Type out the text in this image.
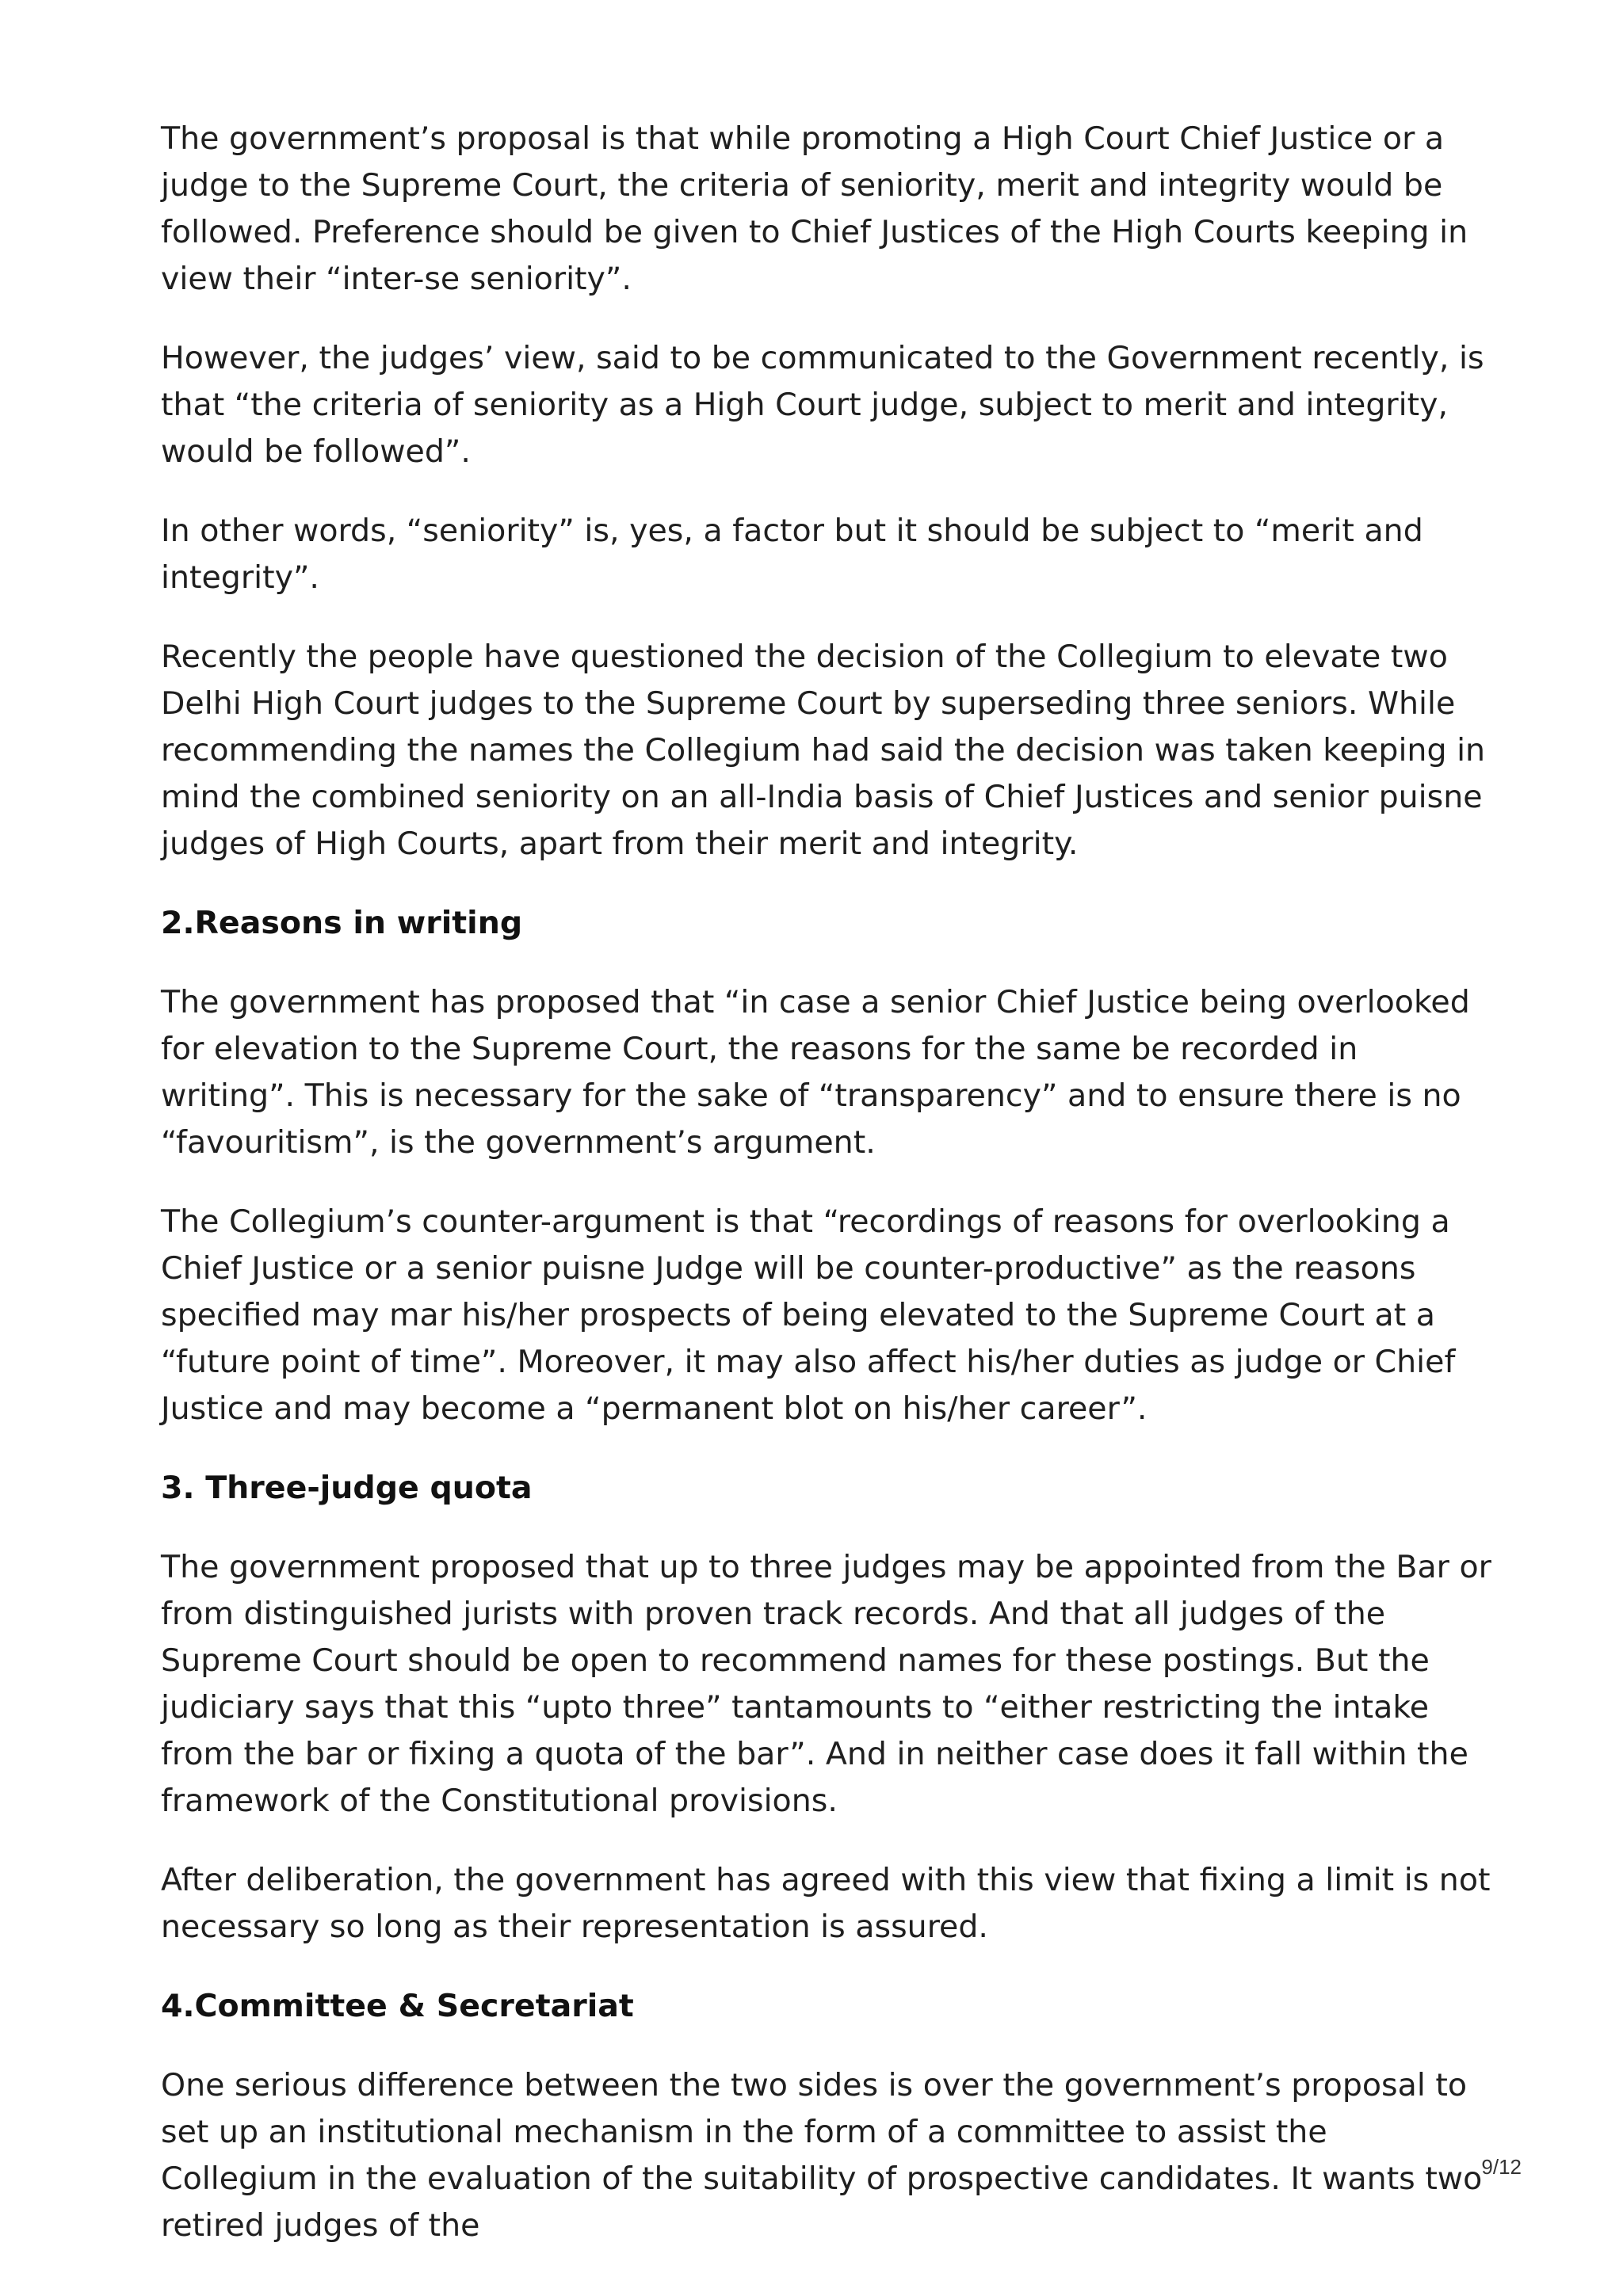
The government’s proposal is that while promoting a High Court Chief Justice or a judge to the Supreme Court, the criteria of seniority, merit and integrity would be followed. Preference should be given to Chief Justices of the High Courts keeping in view their “inter-se seniority”.

However, the judges’ view, said to be communicated to the Government recently, is that “the criteria of seniority as a High Court judge, subject to merit and integrity, would be followed”.

In other words, “seniority” is, yes, a factor but it should be subject to “merit and integrity”.

Recently the people have questioned the decision of the Collegium to elevate two Delhi High Court judges to the Supreme Court by superseding three seniors. While recommending the names the Collegium had said the decision was taken keeping in mind the combined seniority on an all-India basis of Chief Justices and senior puisne judges of High Courts, apart from their merit and integrity.

2.Reasons in writing

The government has proposed that “in case a senior Chief Justice being overlooked for elevation to the Supreme Court, the reasons for the same be recorded in writing”. This is necessary for the sake of “transparency” and to ensure there is no “favouritism”, is the government’s argument.

The Collegium’s counter-argument is that “recordings of reasons for overlooking a Chief Justice or a senior puisne Judge will be counter-productive” as the reasons specified may mar his/her prospects of being elevated to the Supreme Court at a “future point of time”. Moreover, it may also affect his/her duties as judge or Chief Justice and may become a “permanent blot on his/her career”.

3. Three-judge quota

The government proposed that up to three judges may be appointed from the Bar or from distinguished jurists with proven track records. And that all judges of the Supreme Court should be open to recommend names for these postings. But the judiciary says that this “upto three” tantamounts to “either restricting the intake from the bar or fixing a quota of the bar”. And in neither case does it fall within the framework of the Constitutional provisions.

After deliberation, the government has agreed with this view that fixing a limit is not necessary so long as their representation is assured.

4.Committee & Secretariat

One serious difference between the two sides is over the government’s proposal to set up an institutional mechanism in the form of a committee to assist the Collegium in the evaluation of the suitability of prospective candidates. It wants two retired judges of the

9/12
